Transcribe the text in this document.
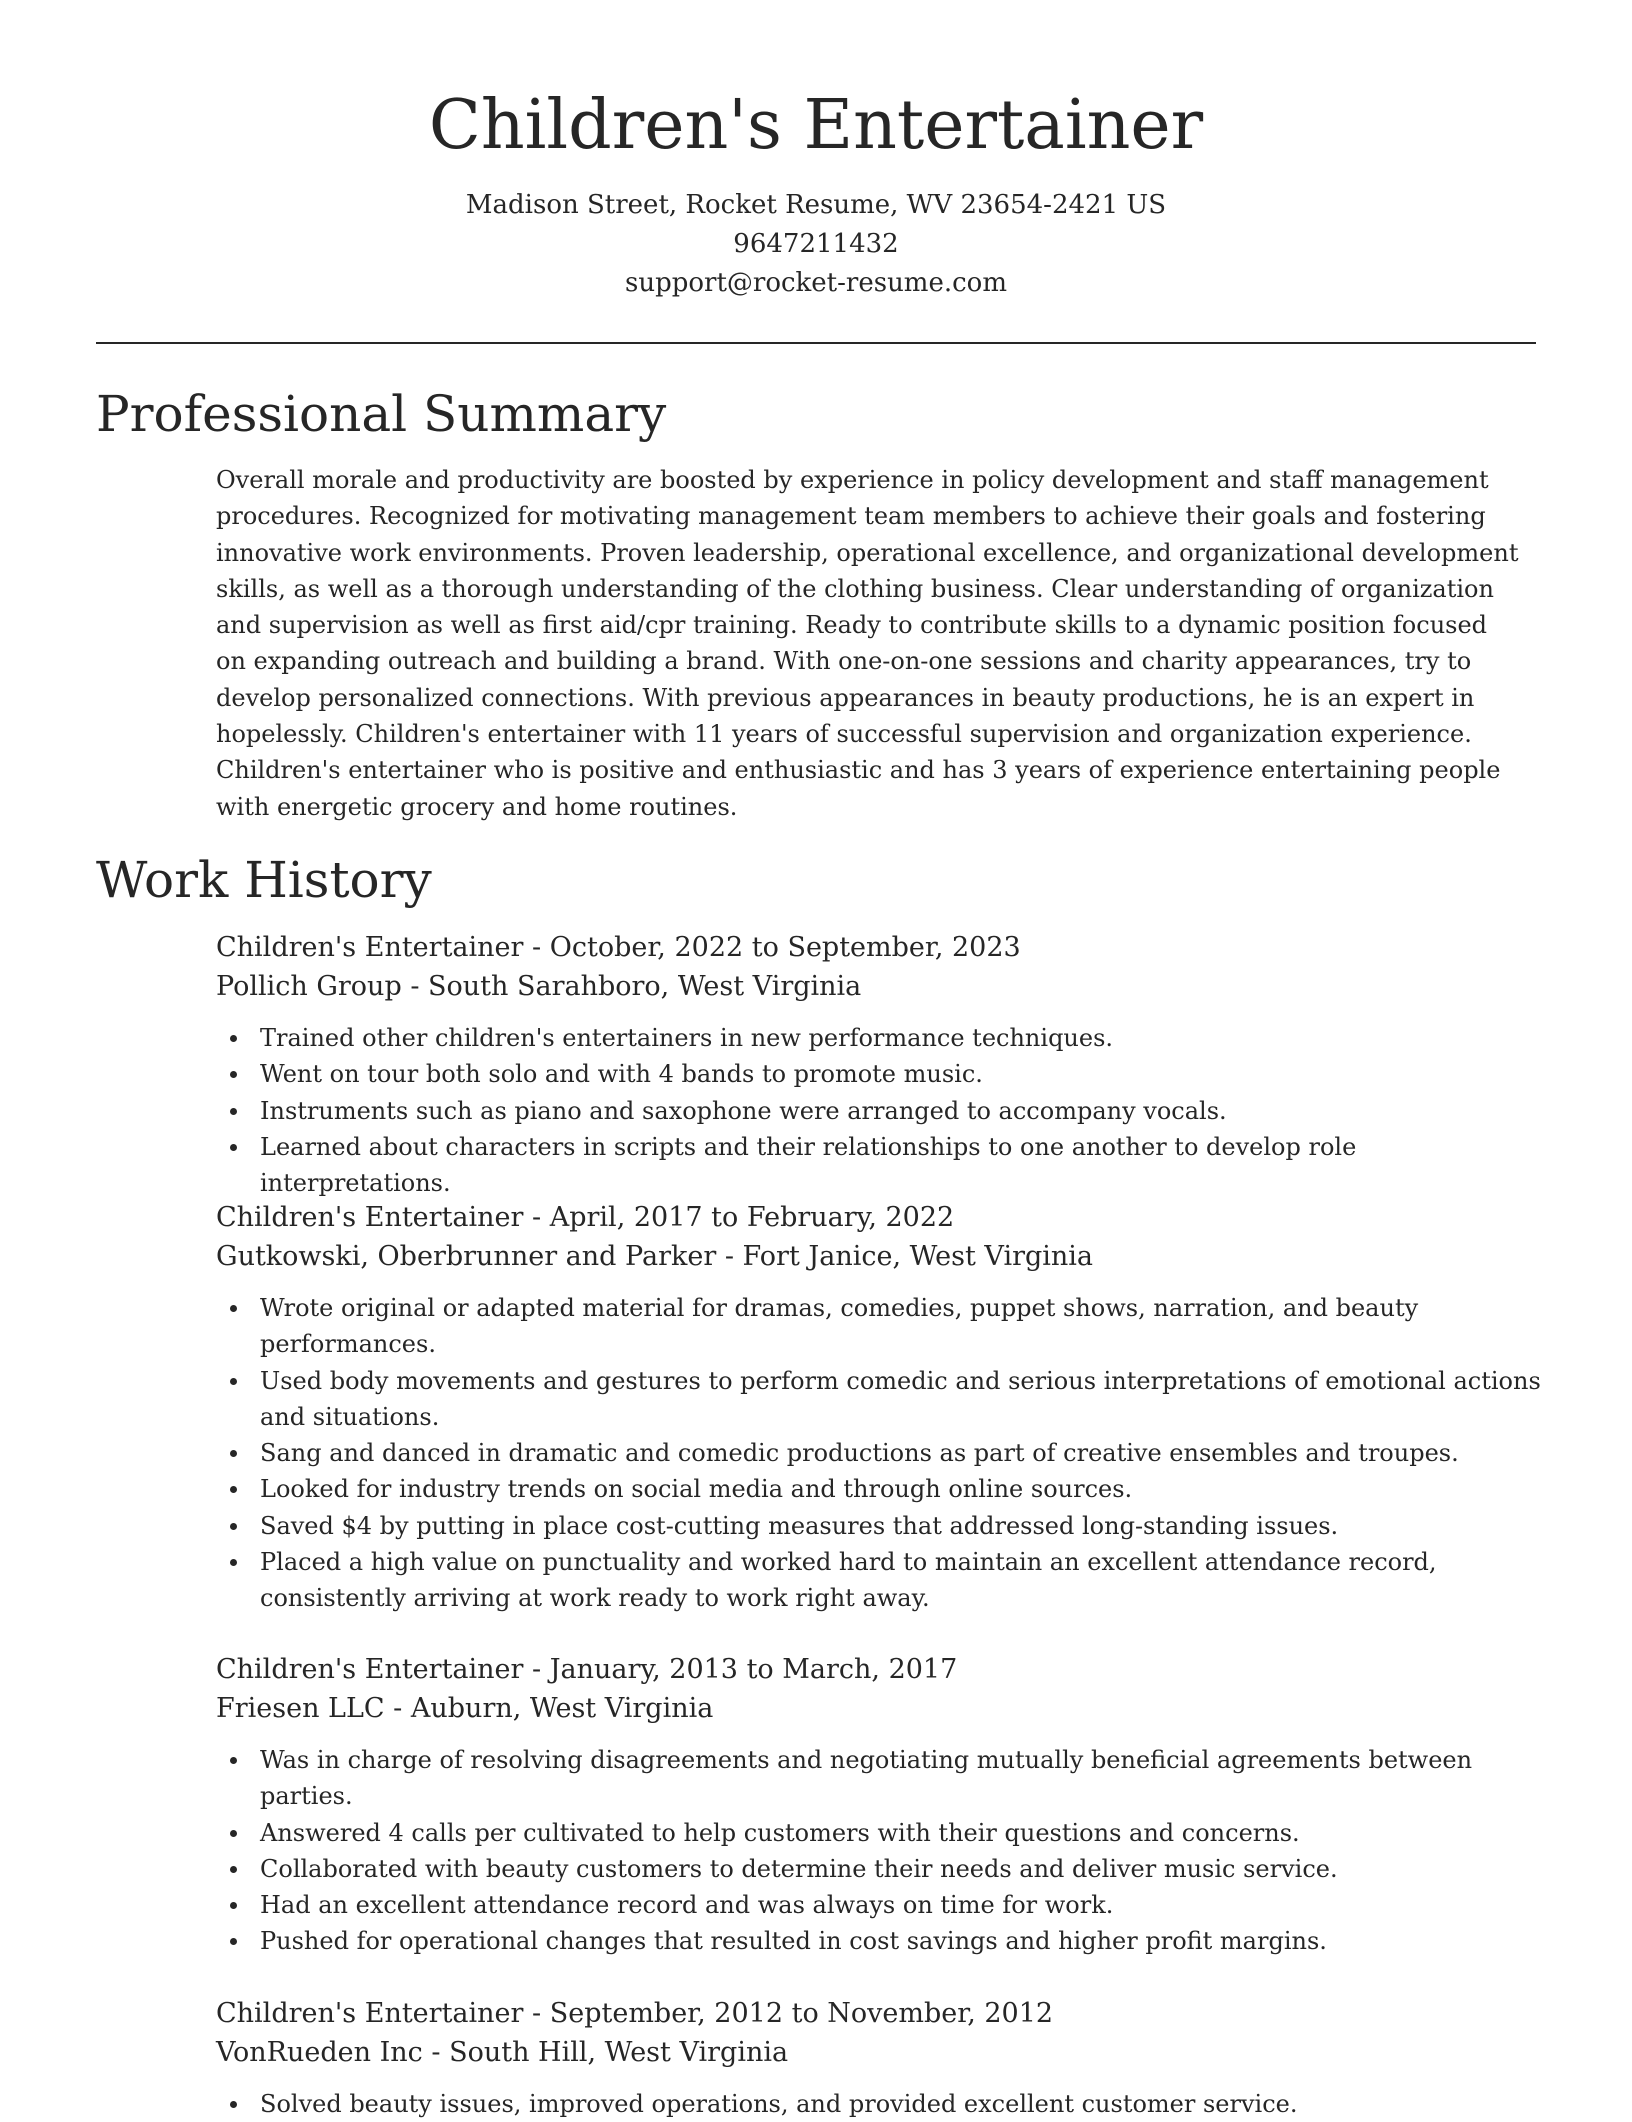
Children's Entertainer
Madison Street, Rocket Resume, WV 23654-2421 US
9647211432
support@rocket-resume.com
Professional Summary

Overall morale and productivity are boosted by experience in policy development and staff management procedures. Recognized for motivating management team members to achieve their goals and fostering innovative work environments. Proven leadership, operational excellence, and organizational development skills, as well as a thorough understanding of the clothing business. Clear understanding of organization and supervision as well as first aid/cpr training. Ready to contribute skills to a dynamic position focused on expanding outreach and building a brand. With one-on-one sessions and charity appearances, try to develop personalized connections. With previous appearances in beauty productions, he is an expert in hopelessly. Children's entertainer with 11 years of successful supervision and organization experience. Children's entertainer who is positive and enthusiastic and has 3 years of experience entertaining people with energetic grocery and home routines.

Work History
Children's Entertainer - October, 2022 to September, 2023
Pollich Group - South Sarahboro, West Virginia
Trained other children's entertainers in new performance techniques.
Went on tour both solo and with 4 bands to promote music.
Instruments such as piano and saxophone were arranged to accompany vocals.
Learned about characters in scripts and their relationships to one another to develop role interpretations.
Children's Entertainer - April, 2017 to February, 2022
Gutkowski, Oberbrunner and Parker - Fort Janice, West Virginia
Wrote original or adapted material for dramas, comedies, puppet shows, narration, and beauty performances.
Used body movements and gestures to perform comedic and serious interpretations of emotional actions and situations.
Sang and danced in dramatic and comedic productions as part of creative ensembles and troupes.
Looked for industry trends on social media and through online sources.
Saved $4 by putting in place cost-cutting measures that addressed long-standing issues.
Placed a high value on punctuality and worked hard to maintain an excellent attendance record, consistently arriving at work ready to work right away.
Children's Entertainer - January, 2013 to March, 2017
Friesen LLC - Auburn, West Virginia
Was in charge of resolving disagreements and negotiating mutually beneficial agreements between parties.
Answered 4 calls per cultivated to help customers with their questions and concerns.
Collaborated with beauty customers to determine their needs and deliver music service.
Had an excellent attendance record and was always on time for work.
Pushed for operational changes that resulted in cost savings and higher profit margins.
Children's Entertainer - September, 2012 to November, 2012
VonRueden Inc - South Hill, West Virginia
Solved beauty issues, improved operations, and provided excellent customer service.
